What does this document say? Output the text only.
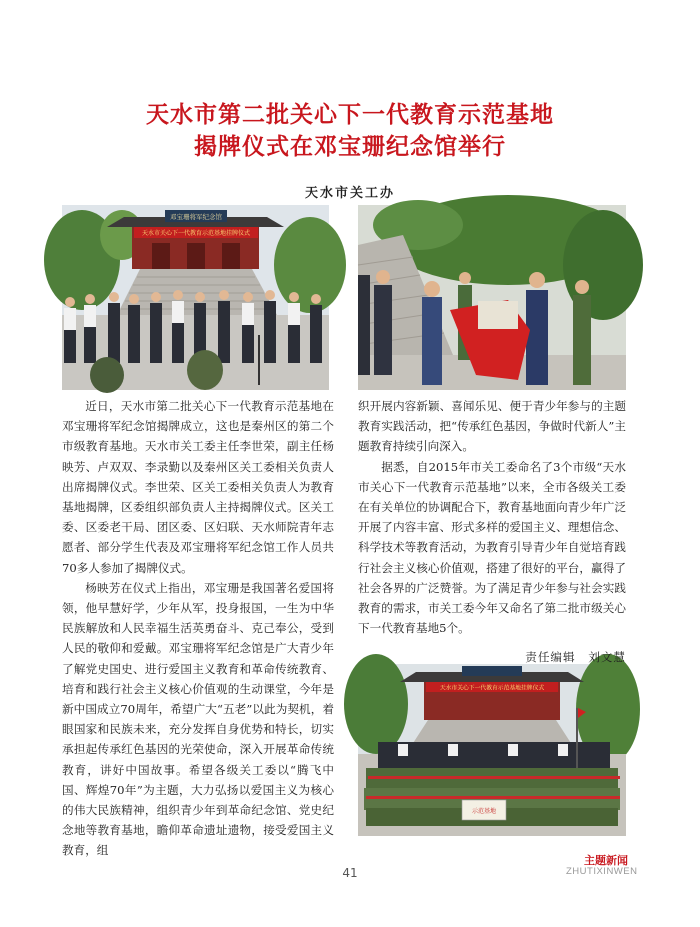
天水市第二批关心下一代教育示范基地
揭牌仪式在邓宝珊纪念馆举行
天水市关工办
邓宝珊将军纪念馆
天水市关心下一代教育示范基地挂牌仪式
天水市关心下一代教育示范基地挂牌仪式
示范基地

近日，天水市第二批关心下一代教育示范基地在邓宝珊将军纪念馆揭牌成立，这也是秦州区的第二个市级教育基地。天水市关工委主任李世荣，副主任杨映芳、卢双双、李录勤以及秦州区关工委相关负责人出席揭牌仪式。李世荣、区关工委相关负责人为教育基地揭牌，区委组织部负责人主持揭牌仪式。区关工委、区委老干局、团区委、区妇联、天水师院青年志愿者、部分学生代表及邓宝珊将军纪念馆工作人员共70多人参加了揭牌仪式。

杨映芳在仪式上指出，邓宝珊是我国著名爱国将领，他早慧好学，少年从军，投身报国，一生为中华民族解放和人民幸福生活英勇奋斗、克己奉公，受到人民的敬仰和爱戴。邓宝珊将军纪念馆是广大青少年了解党史国史、进行爱国主义教育和革命传统教育、培育和践行社会主义核心价值观的生动课堂，今年是新中国成立70周年，希望广大“五老”以此为契机，着眼国家和民族未来，充分发挥自身优势和特长，切实承担起传承红色基因的光荣使命，深入开展革命传统教育，讲好中国故事。希望各级关工委以“腾飞中国、辉煌70年”为主题，大力弘扬以爱国主义为核心的伟大民族精神，组织青少年到革命纪念馆、党史纪念地等教育基地，瞻仰革命遗址遗物，接受爱国主义教育，组

织开展内容新颖、喜闻乐见、便于青少年参与的主题教育实践活动，把“传承红色基因，争做时代新人”主题教育持续引向深入。

据悉，自2015年市关工委命名了3个市级“天水市关心下一代教育示范基地”以来，全市各级关工委在有关单位的协调配合下，教育基地面向青少年广泛开展了内容丰富、形式多样的爱国主义、理想信念、科学技术等教育活动，为教育引导青少年自觉培育践行社会主义核心价值观，搭建了很好的平台，赢得了社会各界的广泛赞誉。为了满足青少年参与社会实践教育的需求，市关工委今年又命名了第二批市级关心下一代教育基地5个。

责任编辑　刘文慧
41
主题新闻
ZHUTIXINWEN
